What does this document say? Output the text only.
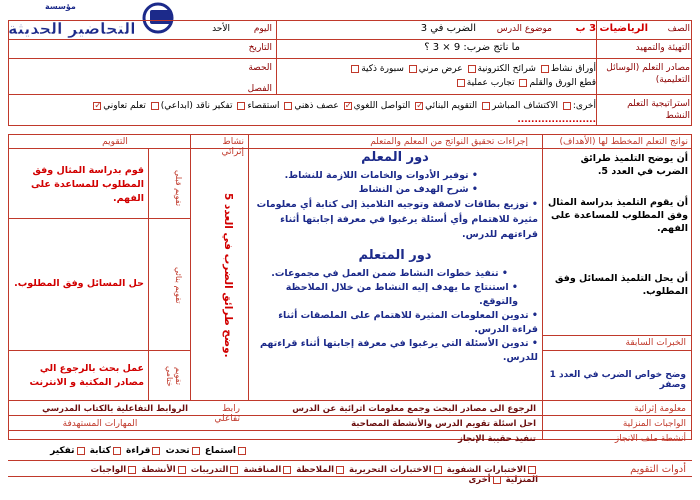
التحاضير الحديثة
مؤسسة
الصف
الرياضيات 3 ب
موضوع الدرس
الضرب في 3
اليوم
الأحد
التهيئة والتمهيد
ما ناتج ضرب: 9 × 3 ؟
التاريخ
مصادر التعلم (الوسائل التعليمية)
الحصة	أوراق نشاط شرائح الكترونية عرض مرني سبورة ذكية
قطع الورق والقلم تجارب عملية
الفصل
استراتيجية التعلم النشط
أخرى: الاكتشاف المباشر التقويم البنائي✓ التواصل اللغوي✓ عصف ذهني استقصاء تفكير ناقد (ابداعي) تعلم تعاوني✓
.......................
نواتج التعلم المخطط لها (الأهداف)
إجراءات تحقيق النواتج من المعلم والمتعلم
نشاط إثرائي
التقويم
أن يوضح التلميذ طرائق الضرب في العدد 5.
أن يقوم التلميذ بدراسة المثال وفق المطلوب للمساعدة على الفهم.
أن يحل التلميذ المسائل وفق المطلوب.
الخبرات السابقة
وضح خواص الضرب في العدد 1 وصفر
دور المعلم
• توفير الأدوات والخامات اللازمة للنشاط.
• شرح الهدف من النشاط
• توزيع بطاقات لاصقة وتوجيه التلاميذ إلى كتابة أي معلومات مثيرة للاهتمام وأي أسئلة يرغبوا في معرفة إجابتها أثناء قراءتهم للدرس.
دور المتعلم
• تنفيذ خطوات النشاط ضمن العمل في مجموعات.
• استنتاج ما يهدف إليه النشاط من خلال الملاحظة والتوقع.
• تدوين المعلومات المثيرة للاهتمام على الملصقات أثناء قراءة الدرس.
• تدوين الأسئلة التي يرغبوا في معرفة إجابتها أثناء قراءتهم للدرس.
وضح طرائق الضرب في العدد 5.
تقويم قبلي
قوم بدراسة المثال وفق المطلوب للمساعدة على الفهم.
تقويم بنائي
حل المسائل وفق المطلوب.
تقويم ختامي
عمل بحث بالرجوع الي مصادر المكتبة و الانترنت
معلومة إثرائية
الرجوع الى مصادر البحث وجمع معلومات اثرائية عن الدرس
رابط تفاعلي
الروابط التفاعلية بالكتاب المدرسي
الواجبات المنزلية
احل اسئلة تقويم الدرس والأنشطة المصاحبة
المهارات المستهدفة
أنشطة ملف الانجاز
تنفيذ حقيبة الإنجاز
استماع تحدث قراءة كتابة تفكير
أدوات التقويم
الاختبارات الشفوية الاختبارات التحريرية الملاحظة المناقشة التدريبات الأنشطة الواجبات المنزلية أخرى
